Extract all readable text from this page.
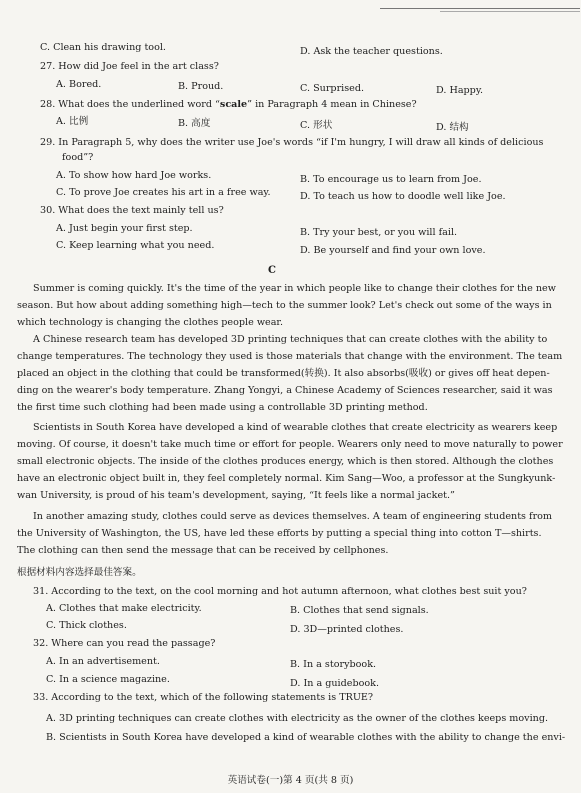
C. Clean his drawing tool.	D. Ask the teacher questions.
27. How did Joe feel in the art class?
A. Bored.	B. Proud.	C. Surprised.	D. Happy.
28. What does the underlined word “scale” in Paragraph 4 mean in Chinese?
A. 比例	B. 高度	C. 形状	D. 结构
29. In Paragraph 5, why does the writer use Joe's words “if I'm hungry, I will draw all kinds of delicious
food”?
A. To show how hard Joe works.	B. To encourage us to learn from Joe.
C. To prove Joe creates his art in a free way.	D. To teach us how to doodle well like Joe.
30. What does the text mainly tell us?
A. Just begin your first step.	B. Try your best, or you will fail.
C. Keep learning what you need.	D. Be yourself and find your own love.
C
Summer is coming quickly. It's the time of the year in which people like to change their clothes for the new
season. But how about adding something high—tech to the summer look? Let's check out some of the ways in
which technology is changing the clothes people wear.
A Chinese research team has developed 3D printing techniques that can create clothes with the ability to
change temperatures. The technology they used is those materials that change with the environment. The team
placed an object in the clothing that could be transformed(转换). It also absorbs(吸收) or gives off heat depen-
ding on the wearer's body temperature. Zhang Yongyi, a Chinese Academy of Sciences researcher, said it was
the first time such clothing had been made using a controllable 3D printing method.
Scientists in South Korea have developed a kind of wearable clothes that create electricity as wearers keep
moving. Of course, it doesn't take much time or effort for people. Wearers only need to move naturally to power
small electronic objects. The inside of the clothes produces energy, which is then stored. Although the clothes
have an electronic object built in, they feel completely normal. Kim Sang—Woo, a professor at the Sungkyunk-
wan University, is proud of his team's development, saying, “It feels like a normal jacket.”
In another amazing study, clothes could serve as devices themselves. A team of engineering students from
the University of Washington, the US, have led these efforts by putting a special thing into cotton T—shirts.
The clothing can then send the message that can be received by cellphones.
根据材料内容选择最佳答案。
31. According to the text, on the cool morning and hot autumn afternoon, what clothes best suit you?
A. Clothes that make electricity.	B. Clothes that send signals.
C. Thick clothes.	D. 3D—printed clothes.
32. Where can you read the passage?
A. In an advertisement.	B. In a storybook.
C. In a science magazine.	D. In a guidebook.
33. According to the text, which of the following statements is TRUE?
A. 3D printing techniques can create clothes with electricity as the owner of the clothes keeps moving.
B. Scientists in South Korea have developed a kind of wearable clothes with the ability to change the envi-
英语试卷(一)第 4 页(共 8 页)
